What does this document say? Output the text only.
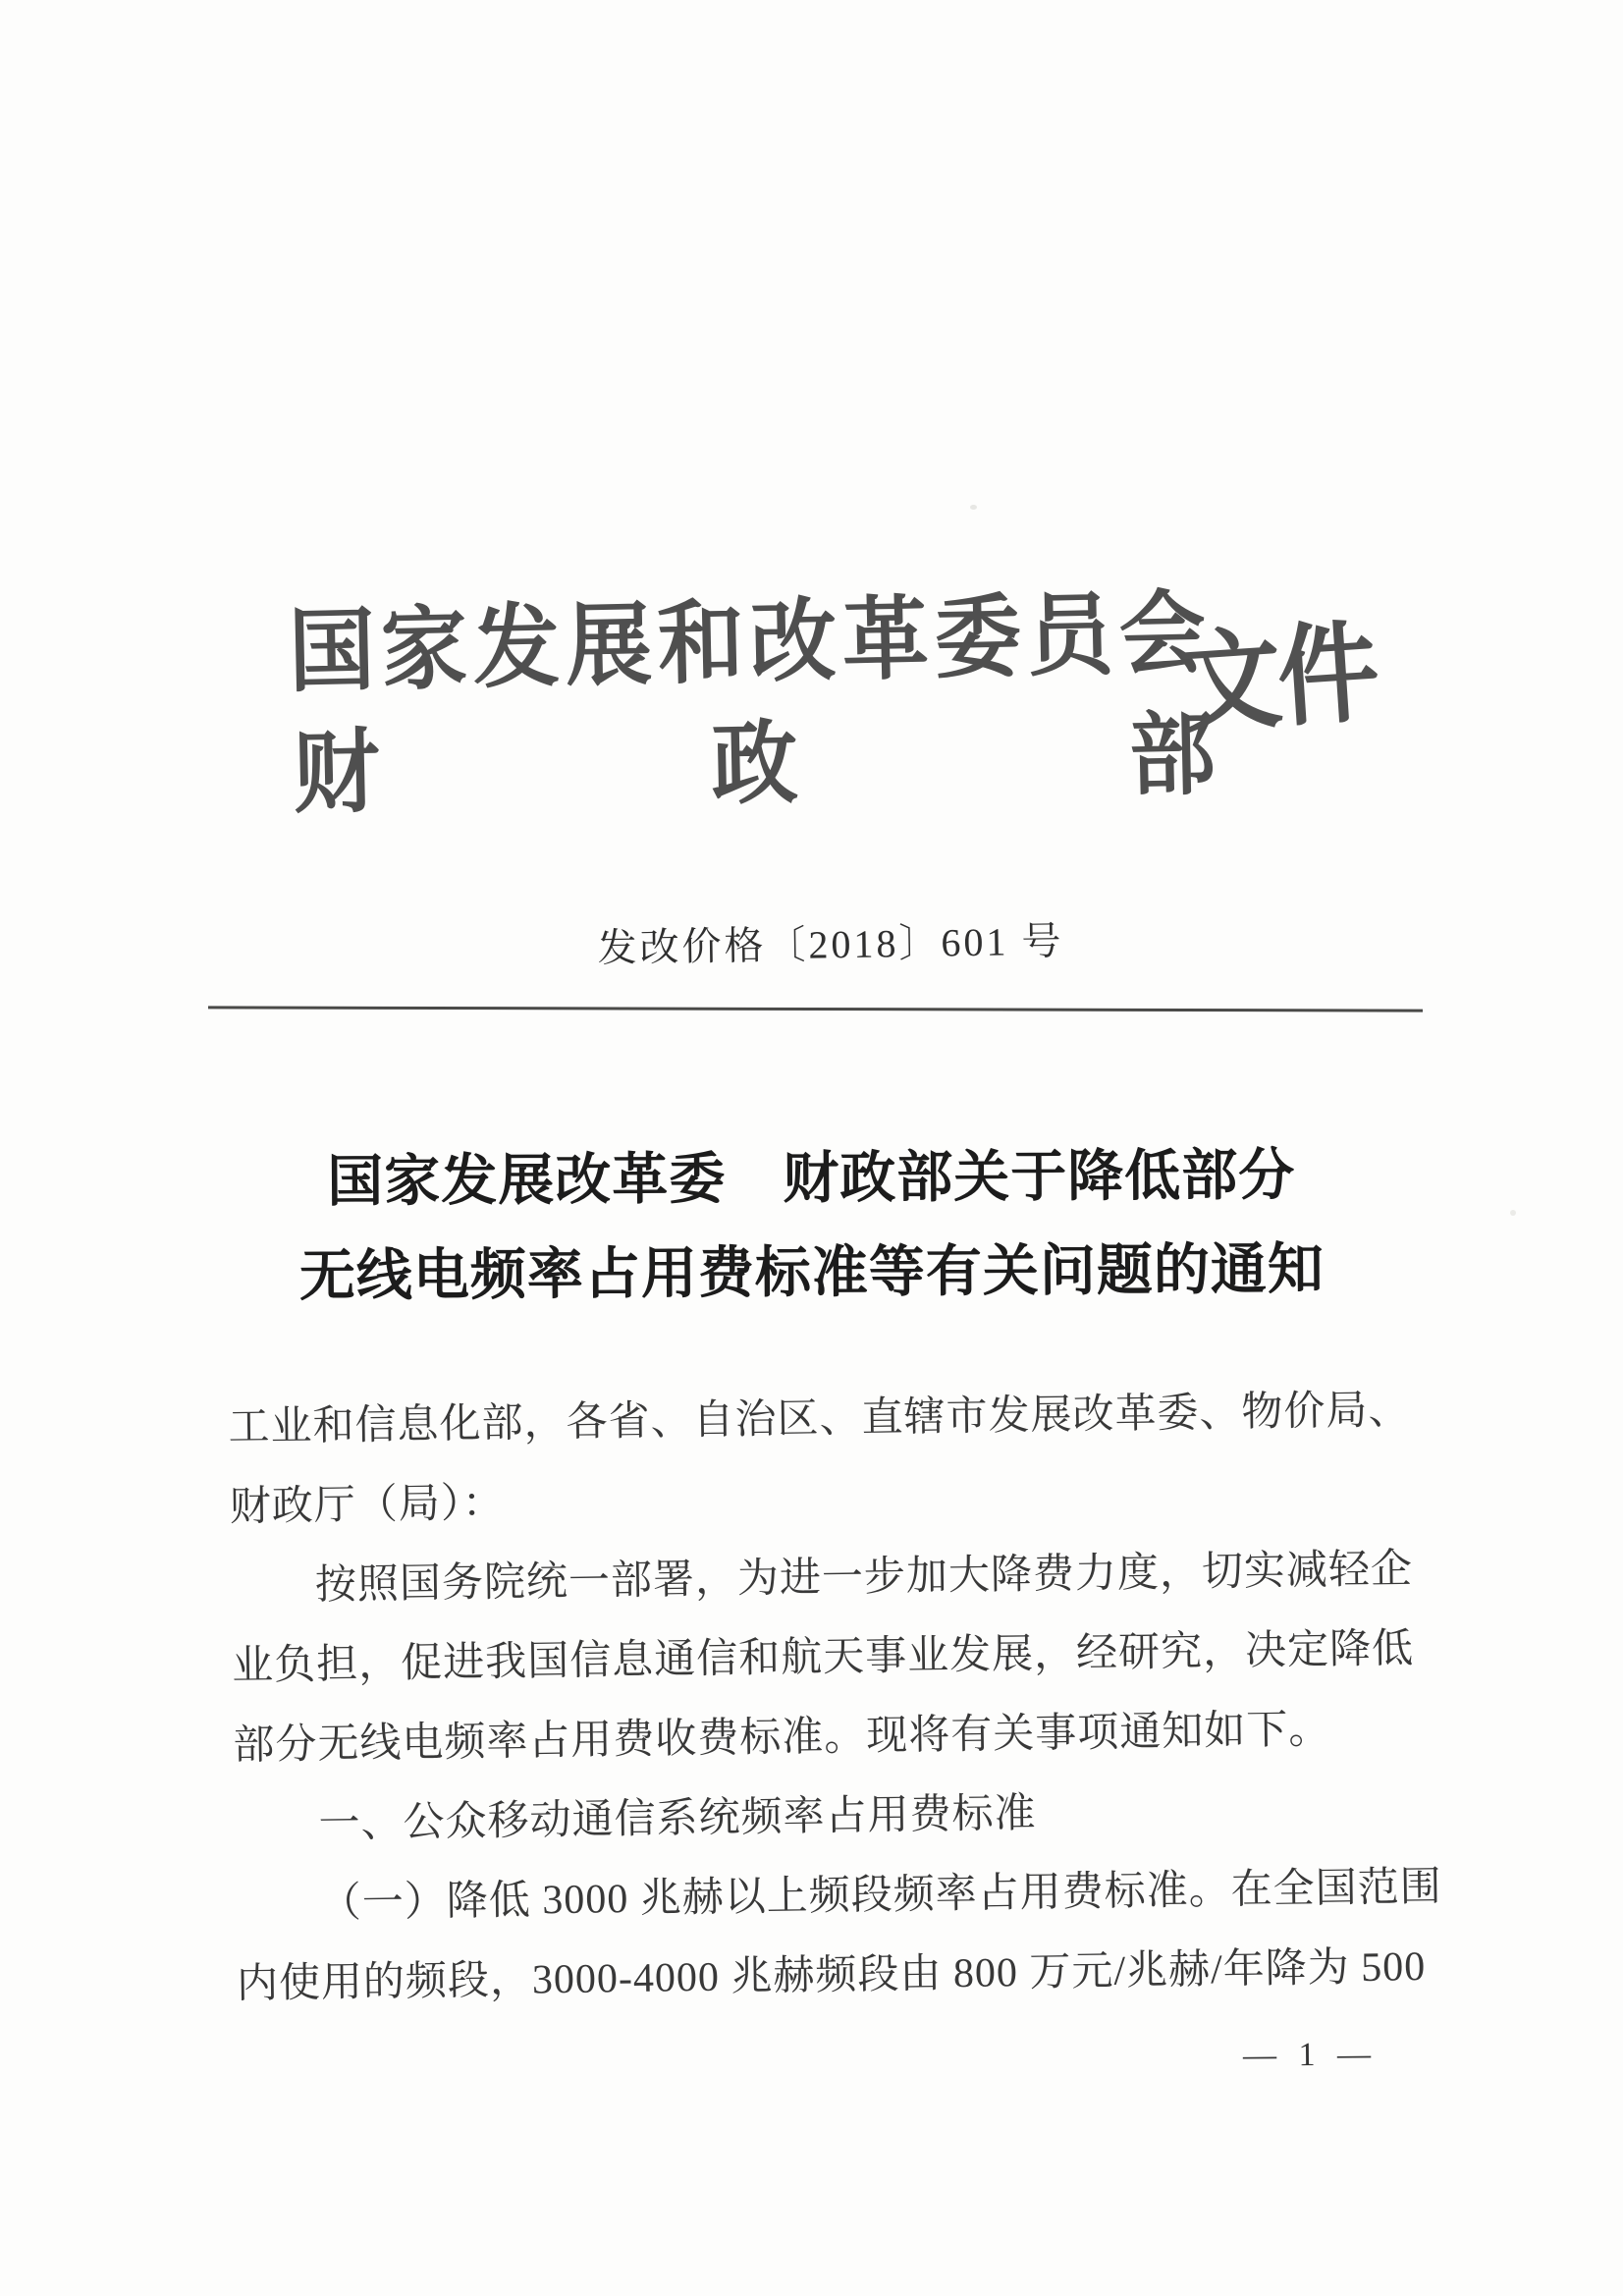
国家发展和改革委员会
财	政	部
文件
发改价格〔2018〕601 号
国家发展改革委　财政部关于降低部分
无线电频率占用费标准等有关问题的通知
工业和信息化部，各省、自治区、直辖市发展改革委、物价局、
财政厅（局）：
按照国务院统一部署，为进一步加大降费力度，切实减轻企
业负担，促进我国信息通信和航天事业发展，经研究，决定降低
部分无线电频率占用费收费标准。现将有关事项通知如下。
一、公众移动通信系统频率占用费标准
（一）降低 3000 兆赫以上频段频率占用费标准。在全国范围
内使用的频段，3000-4000 兆赫频段由 800 万元/兆赫/年降为 500
— 1 —
